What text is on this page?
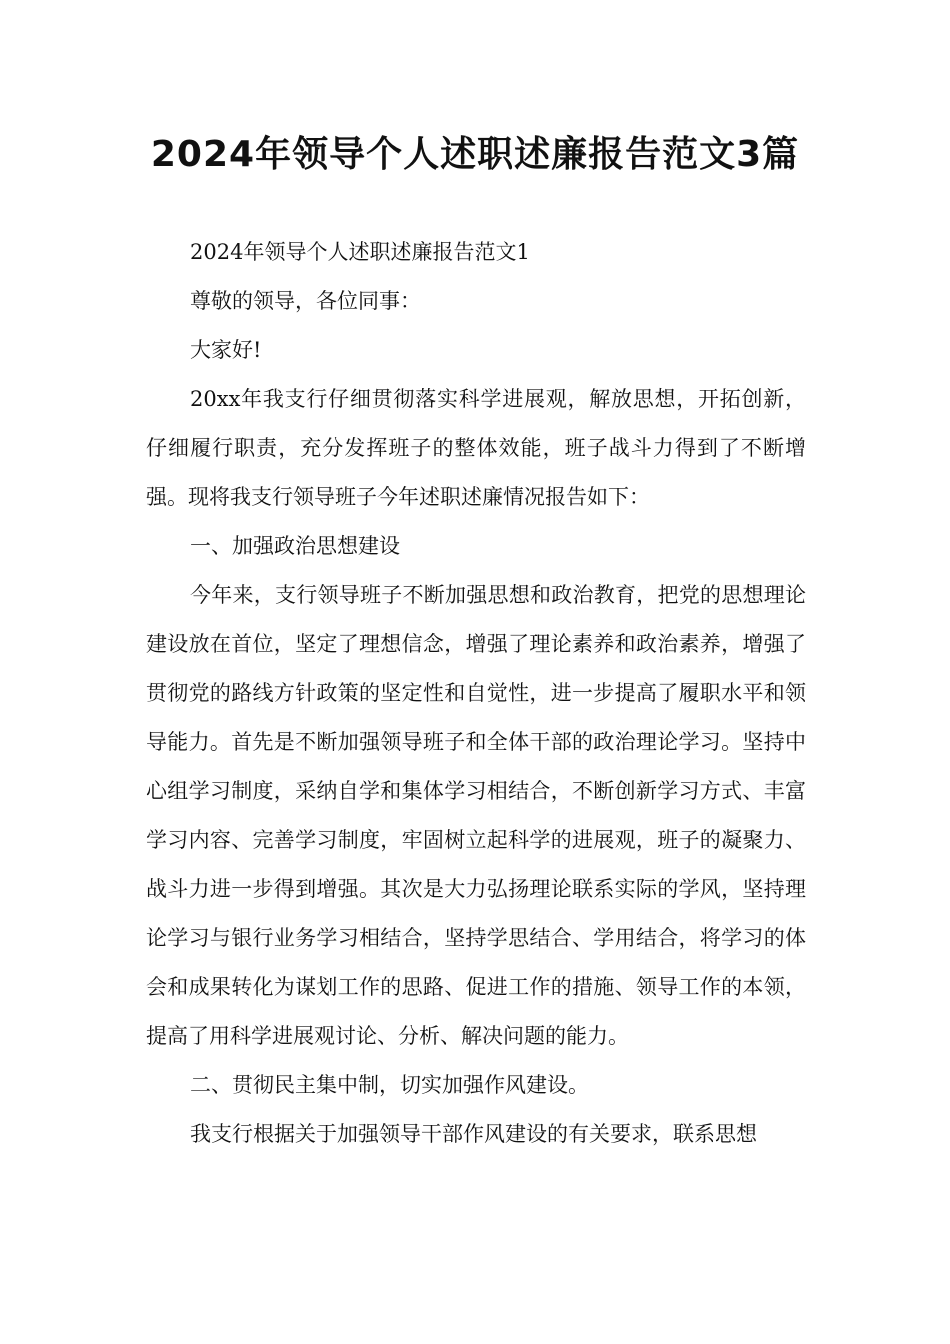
2024年领导个人述职述廉报告范文3篇

2024年领导个人述职述廉报告范文1

尊敬的领导，各位同事：

大家好!

20xx年我支行仔细贯彻落实科学进展观，解放思想，开拓创新，仔细履行职责，充分发挥班子的整体效能，班子战斗力得到了不断增强。现将我支行领导班子今年述职述廉情况报告如下：

一、加强政治思想建设

今年来，支行领导班子不断加强思想和政治教育，把党的思想理论建设放在首位，坚定了理想信念，增强了理论素养和政治素养，增强了贯彻党的路线方针政策的坚定性和自觉性，进一步提高了履职水平和领导能力。首先是不断加强领导班子和全体干部的政治理论学习。坚持中心组学习制度，采纳自学和集体学习相结合，不断创新学习方式、丰富学习内容、完善学习制度，牢固树立起科学的进展观，班子的凝聚力、战斗力进一步得到增强。其次是大力弘扬理论联系实际的学风，坚持理论学习与银行业务学习相结合，坚持学思结合、学用结合，将学习的体会和成果转化为谋划工作的思路、促进工作的措施、领导工作的本领，提高了用科学进展观讨论、分析、解决问题的能力。

二、贯彻民主集中制，切实加强作风建设。

我支行根据关于加强领导干部作风建设的有关要求，联系思想
